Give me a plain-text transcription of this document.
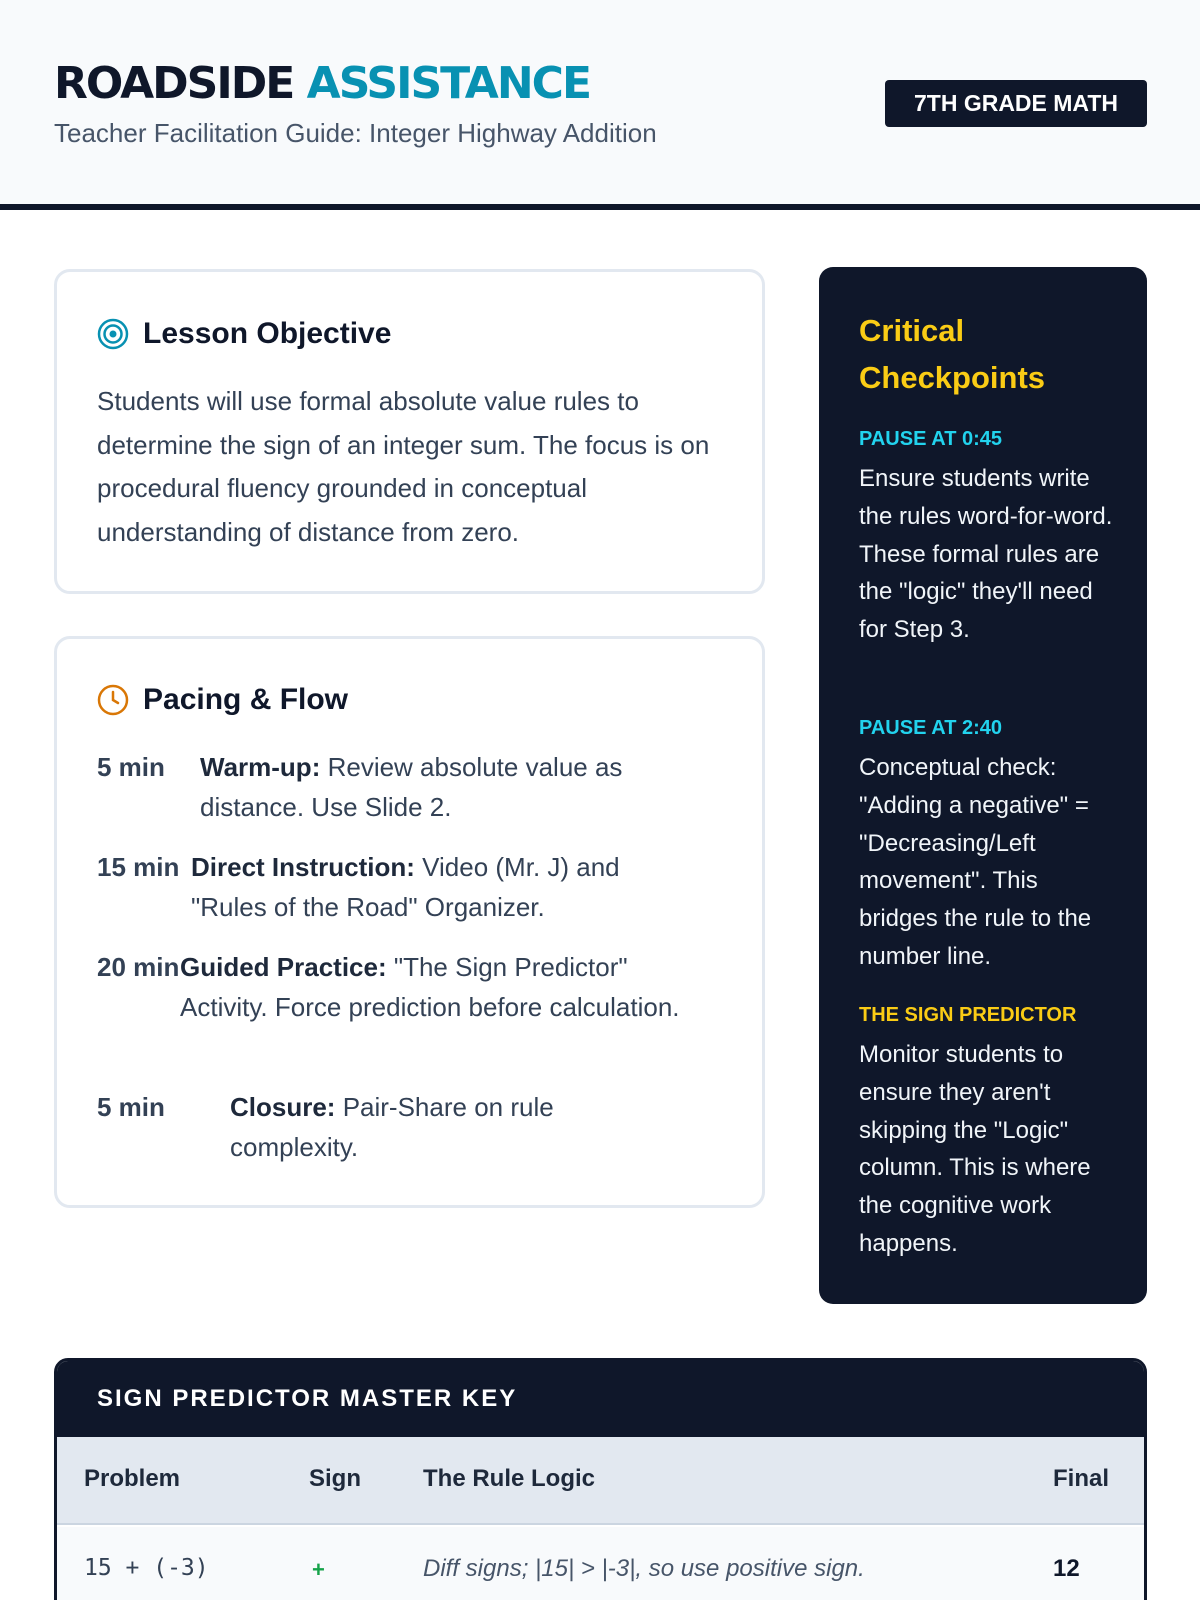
ROADSIDE ASSISTANCE
Teacher Facilitation Guide: Integer Highway Addition
7TH GRADE MATH
Lesson Objective

Students will use formal absolute value rules to determine the sign of an integer sum. The focus is on procedural fluency grounded in conceptual understanding of distance from zero.

Pacing & Flow
5 min	Warm-up: Review absolute value as distance. Use Slide 2.
15 min Direct Instruction: Video (Mr. J) and "Rules of the Road" Organizer.
20 min Guided Practice: "The Sign Predictor" Activity. Force prediction before calculation.
5 min	Closure: Pair-Share on rule complexity.
Critical Checkpoints
PAUSE AT 0:45
Ensure students write the rules word-for-word. These formal rules are the "logic" they'll need for Step 3.
PAUSE AT 2:40
Conceptual check: "Adding a negative" = "Decreasing/Left movement". This bridges the rule to the number line.
THE SIGN PREDICTOR
Monitor students to ensure they aren't skipping the "Logic" column. This is where the cognitive work happens.
SIGN PREDICTOR MASTER KEY
Problem	Sign	The Rule Logic	Final
15 + (-3)	+	Diff signs; |15| > |-3|, so use positive sign.	12
